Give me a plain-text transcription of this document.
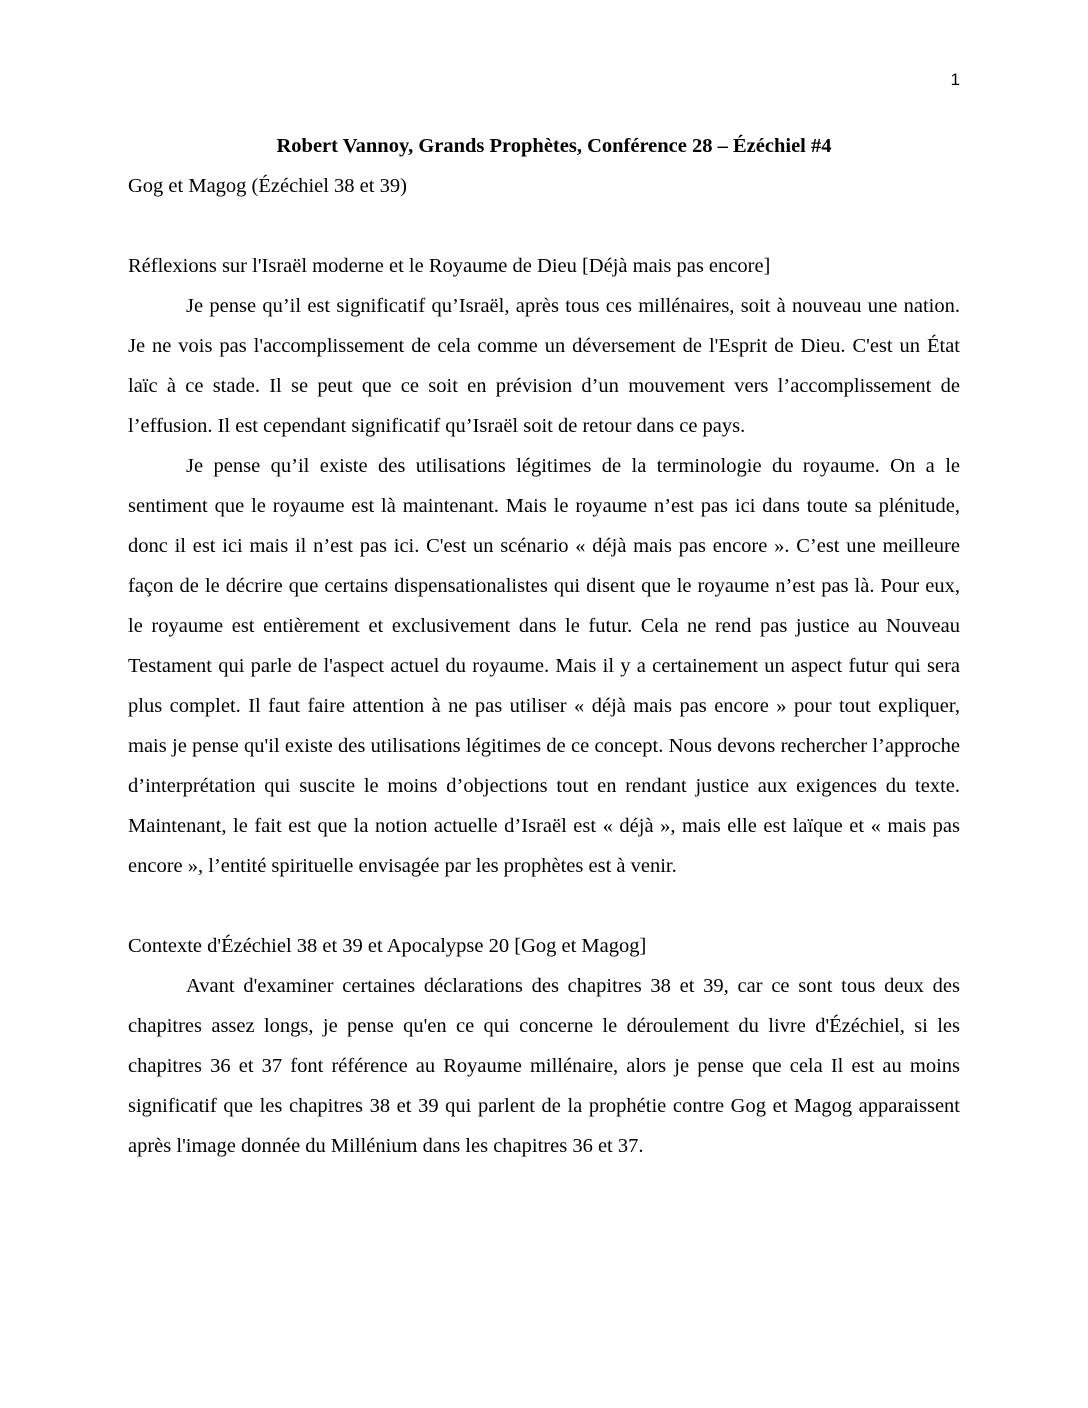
1

Robert Vannoy, Grands Prophètes, Conférence 28 – Ézéchiel #4

Gog et Magog (Ézéchiel 38 et 39)

Réflexions sur l'Israël moderne et le Royaume de Dieu [Déjà mais pas encore]

Je pense qu’il est significatif qu’Israël, après tous ces millénaires, soit à nouveau une nation. Je ne vois pas l'accomplissement de cela comme un déversement de l'Esprit de Dieu. C'est un État laïc à ce stade. Il se peut que ce soit en prévision d’un mouvement vers l’accomplissement de l’effusion. Il est cependant significatif qu’Israël soit de retour dans ce pays.

Je pense qu’il existe des utilisations légitimes de la terminologie du royaume. On a le sentiment que le royaume est là maintenant. Mais le royaume n’est pas ici dans toute sa plénitude, donc il est ici mais il n’est pas ici. C'est un scénario « déjà mais pas encore ». C’est une meilleure façon de le décrire que certains dispensationalistes qui disent que le royaume n’est pas là. Pour eux, le royaume est entièrement et exclusivement dans le futur. Cela ne rend pas justice au Nouveau Testament qui parle de l'aspect actuel du royaume. Mais il y a certainement un aspect futur qui sera plus complet. Il faut faire attention à ne pas utiliser « déjà mais pas encore » pour tout expliquer, mais je pense qu'il existe des utilisations légitimes de ce concept. Nous devons rechercher l’approche d’interprétation qui suscite le moins d’objections tout en rendant justice aux exigences du texte. Maintenant, le fait est que la notion actuelle d’Israël est « déjà », mais elle est laïque et « mais pas encore », l’entité spirituelle envisagée par les prophètes est à venir.

Contexte d'Ézéchiel 38 et 39 et Apocalypse 20 [Gog et Magog]

Avant d'examiner certaines déclarations des chapitres 38 et 39, car ce sont tous deux des chapitres assez longs, je pense qu'en ce qui concerne le déroulement du livre d'Ézéchiel, si les chapitres 36 et 37 font référence au Royaume millénaire, alors je pense que cela Il est au moins significatif que les chapitres 38 et 39 qui parlent de la prophétie contre Gog et Magog apparaissent après l'image donnée du Millénium dans les chapitres 36 et 37.
